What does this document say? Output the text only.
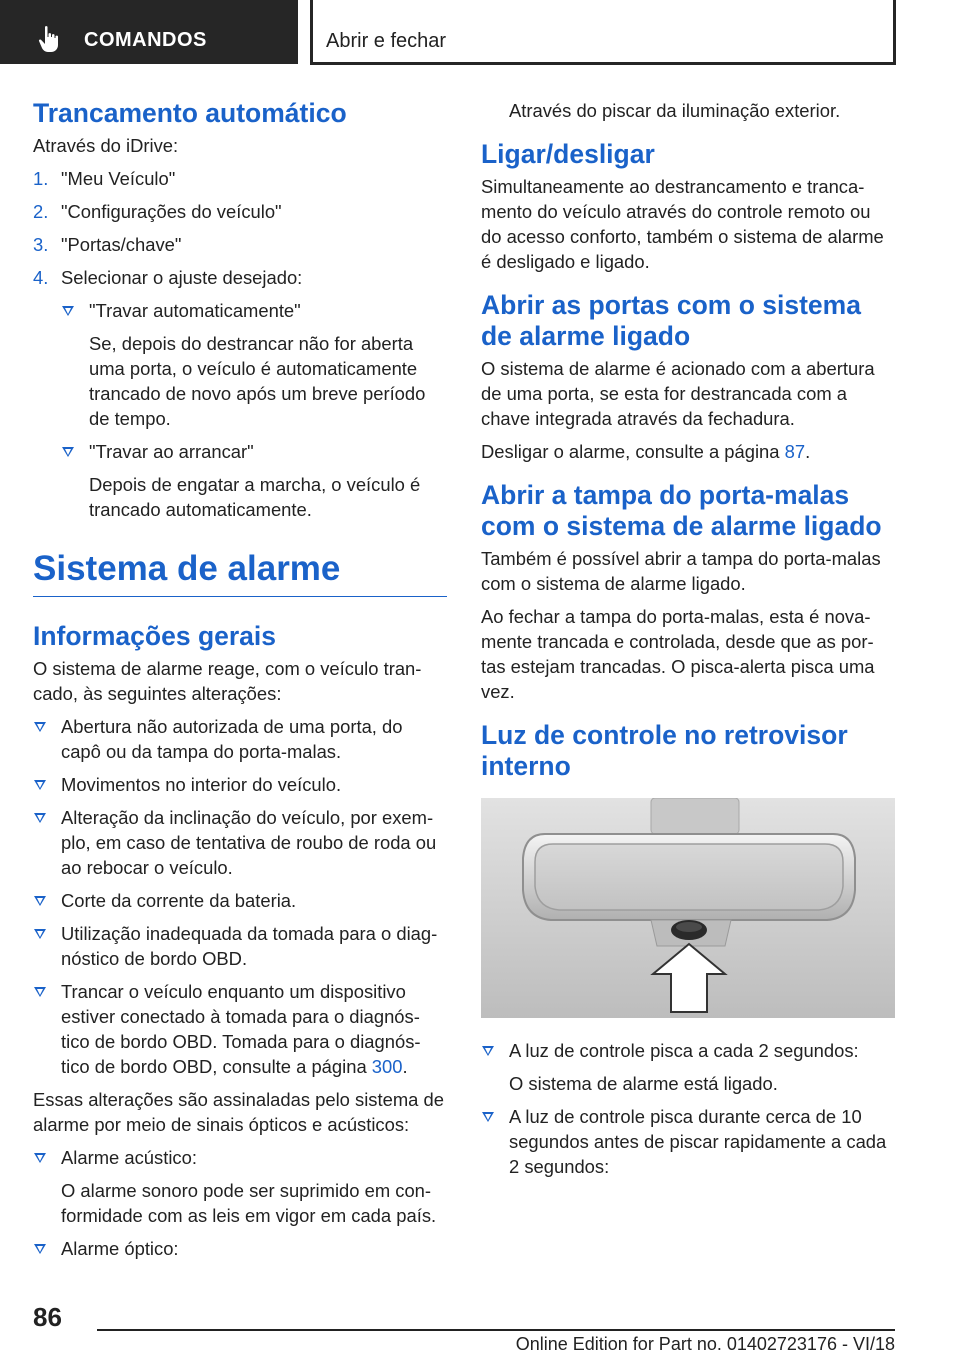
COMANDOS	Abrir e fechar
Trancamento automático

Através do iDrive:

1. "Meu Veículo"
2. "Configurações do veículo"
3. "Portas/chave"
4. Selecionar o ajuste desejado:
"Travar automaticamente"
Se, depois do destrancar não for aberta uma porta, o veículo é automaticamente trancado de novo após um breve período de tempo.
"Travar ao arrancar"
Depois de engatar a marcha, o veículo é trancado automaticamente.
Sistema de alarme
Informações gerais

O sistema de alarme reage, com o veículo tran-cado, às seguintes alterações:

Abertura não autorizada de uma porta, do capô ou da tampa do porta-malas.
Movimentos no interior do veículo.
Alteração da inclinação do veículo, por exem-plo, em caso de tentativa de roubo de roda ou ao rebocar o veículo.
Corte da corrente da bateria.
Utilização inadequada da tomada para o diag-nóstico de bordo OBD.
Trancar o veículo enquanto um dispositivo estiver conectado à tomada para o diagnós-tico de bordo OBD. Tomada para o diagnós-tico de bordo OBD, consulte a página 300.

Essas alterações são assinaladas pelo sistema de alarme por meio de sinais ópticos e acústicos:

Alarme acústico:
O alarme sonoro pode ser suprimido em con-formidade com as leis em vigor em cada país.
Alarme óptico:

Através do piscar da iluminação exterior.

Ligar/desligar

Simultaneamente ao destrancamento e tranca-mento do veículo através do controle remoto ou do acesso conforto, também o sistema de alarme é desligado e ligado.

Abrir as portas com o sistema de alarme ligado

O sistema de alarme é acionado com a abertura de uma porta, se esta for destrancada com a chave integrada através da fechadura.

Desligar o alarme, consulte a página 87.

Abrir a tampa do porta-malas com o sistema de alarme ligado

Também é possível abrir a tampa do porta-malas com o sistema de alarme ligado.

Ao fechar a tampa do porta-malas, esta é nova-mente trancada e controlada, desde que as por-tas estejam trancadas. O pisca-alerta pisca uma vez.

Luz de controle no retrovisor interno
A luz de controle pisca a cada 2 segundos:
O sistema de alarme está ligado.
A luz de controle pisca durante cerca de 10 segundos antes de piscar rapidamente a cada 2 segundos:
86
Online Edition for Part no. 01402723176 - VI/18
